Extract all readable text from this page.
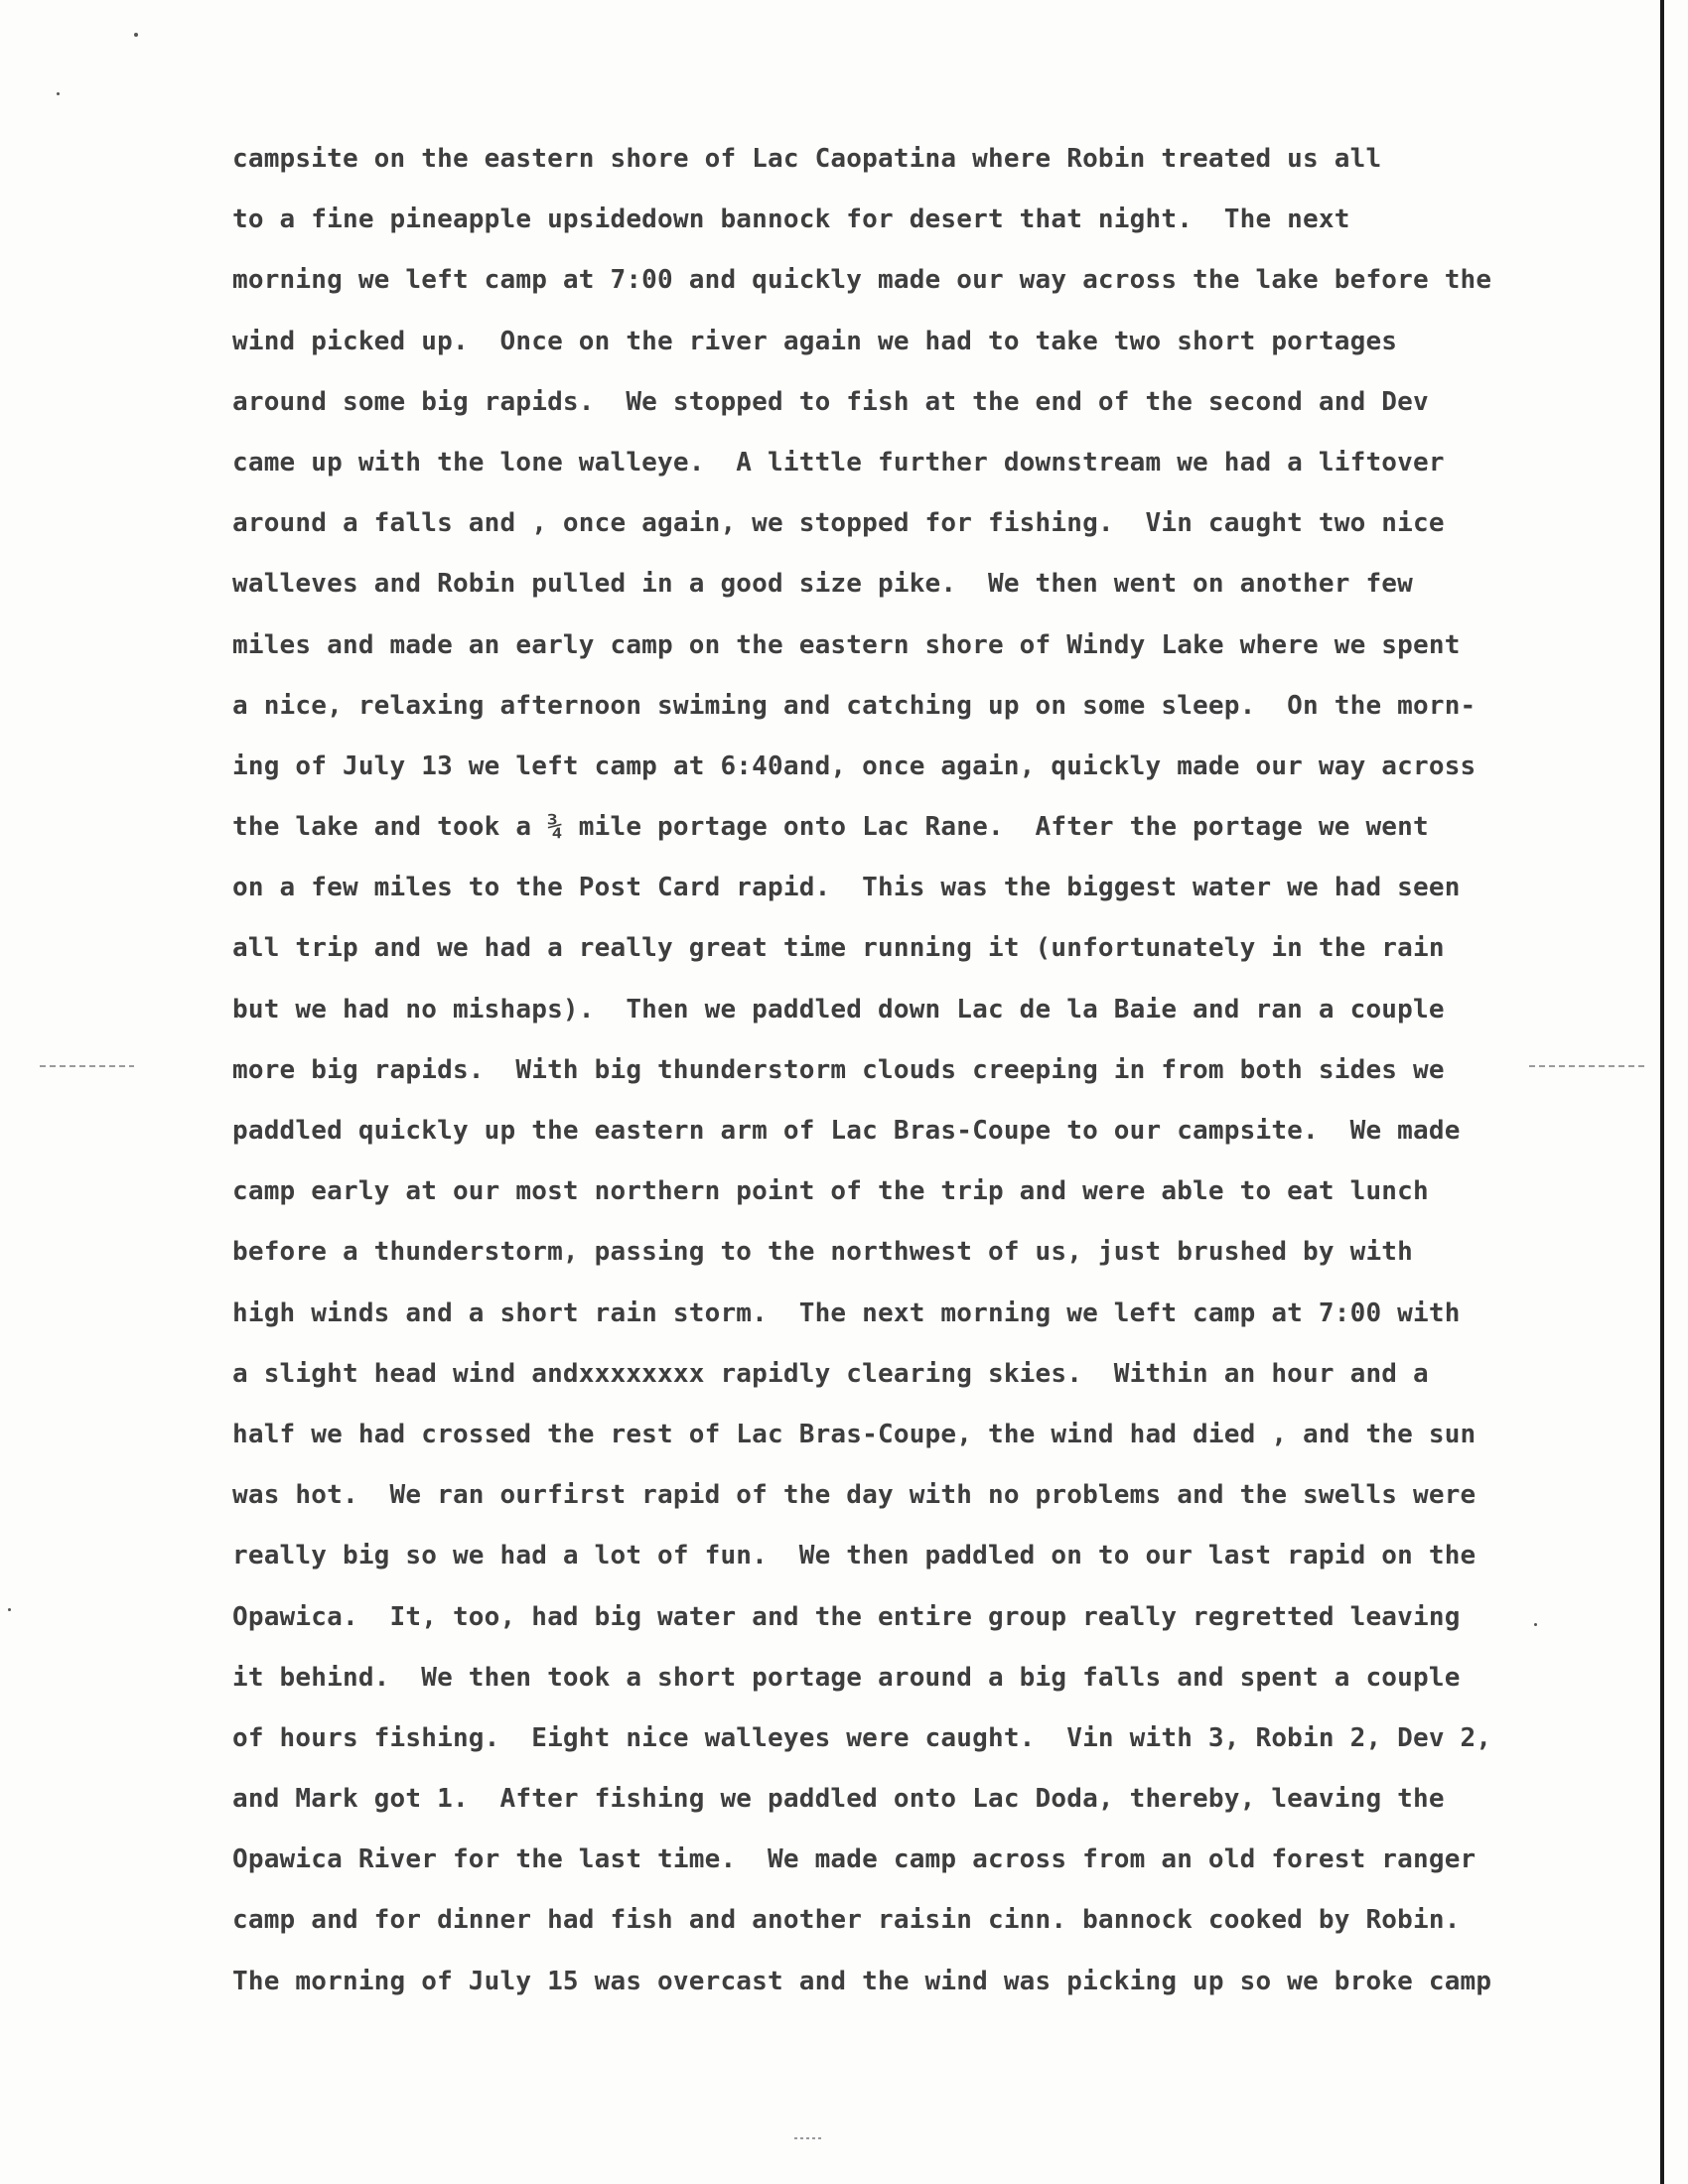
campsite on the eastern shore of Lac Caopatina where Robin treated us all
to a fine pineapple upsidedown bannock for desert that night.  The next
morning we left camp at 7:00 and quickly made our way across the lake before the
wind picked up.  Once on the river again we had to take two short portages
around some big rapids.  We stopped to fish at the end of the second and Dev
came up with the lone walleye.  A little further downstream we had a liftover
around a falls and , once again, we stopped for fishing.  Vin caught two nice
walleves and Robin pulled in a good size pike.  We then went on another few
miles and made an early camp on the eastern shore of Windy Lake where we spent
a nice, relaxing afternoon swiming and catching up on some sleep.  On the morn-
ing of July 13 we left camp at 6:40and, once again, quickly made our way across
the lake and took a ¾ mile portage onto Lac Rane.  After the portage we went
on a few miles to the Post Card rapid.  This was the biggest water we had seen
all trip and we had a really great time running it (unfortunately in the rain
but we had no mishaps).  Then we paddled down Lac de la Baie and ran a couple
more big rapids.  With big thunderstorm clouds creeping in from both sides we
paddled quickly up the eastern arm of Lac Bras-Coupe to our campsite.  We made
camp early at our most northern point of the trip and were able to eat lunch
before a thunderstorm, passing to the northwest of us, just brushed by with
high winds and a short rain storm.  The next morning we left camp at 7:00 with
a slight head wind andxxxxxxxx rapidly clearing skies.  Within an hour and a
half we had crossed the rest of Lac Bras-Coupe, the wind had died , and the sun
was hot.  We ran ourfirst rapid of the day with no problems and the swells were
really big so we had a lot of fun.  We then paddled on to our last rapid on the
Opawica.  It, too, had big water and the entire group really regretted leaving
it behind.  We then took a short portage around a big falls and spent a couple
of hours fishing.  Eight nice walleyes were caught.  Vin with 3, Robin 2, Dev 2,
and Mark got 1.  After fishing we paddled onto Lac Doda, thereby, leaving the
Opawica River for the last time.  We made camp across from an old forest ranger
camp and for dinner had fish and another raisin cinn. bannock cooked by Robin.
The morning of July 15 was overcast and the wind was picking up so we broke camp
